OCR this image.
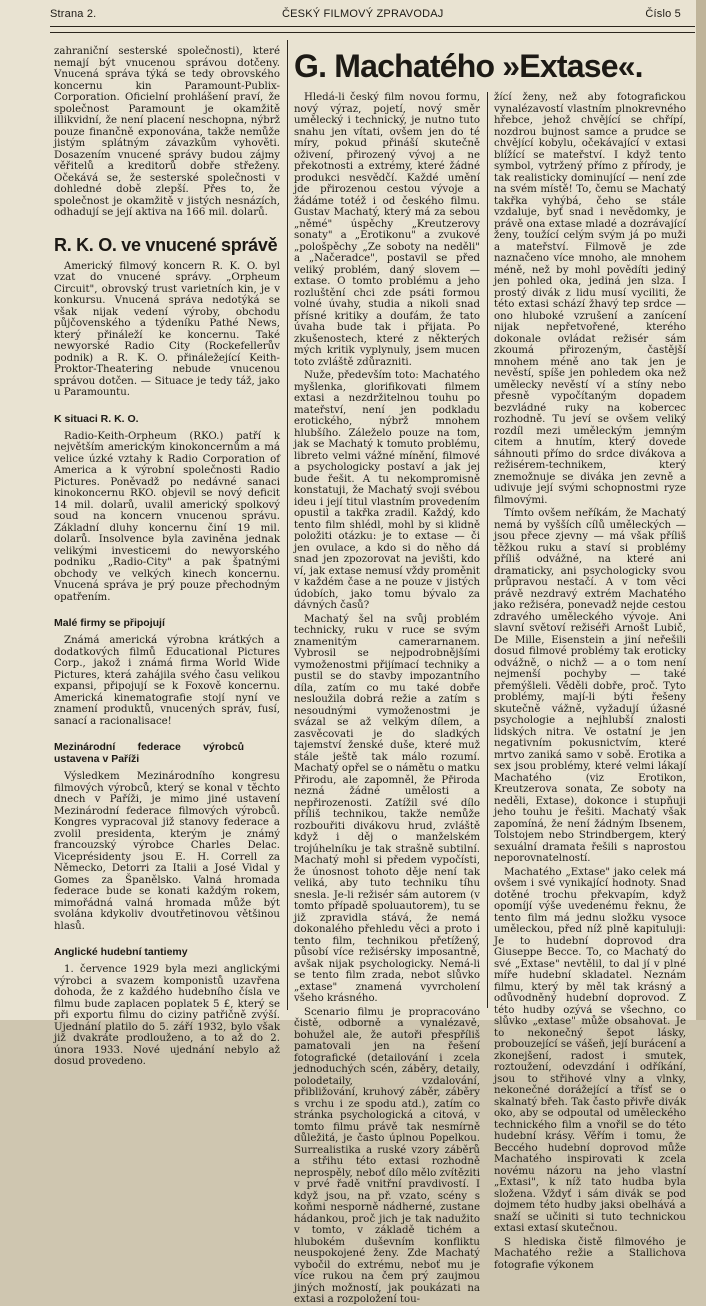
Strana 2.	ČESKÝ FILMOVÝ ZPRAVODAJ	Číslo 5

zahraniční sesterské společnosti), které nemají být vnucenou správou dotčeny. Vnucená správa týká se tedy obrovského koncernu kin Paramount-Publix-Corporation. Oficielní prohlášení praví, že společnost Paramount je okamžitě illikvidní, že není placení neschopna, nýbrž pouze finančně exponována, takže nemůže jistým splátným závazkům vyhověti. Dosazením vnucené správy budou zájmy věřitelů a kreditorů dobře střeženy. Očekává se, že sesterské společnosti v dohledné době zlepší. Přes to, že společnost je okamžitě v jistých nesnázích, odhadují se její aktiva na 166 mil. dolarů.

R. K. O. ve vnucené správě

Americký filmový koncern R. K. O. byl vzat do vnucené správy. „Orpheum Circuit", obrovský trust varietních kin, je v konkursu. Vnucená správa nedotýká se však nijak vedení výroby, obchodu půjčovenského a týdeníku Pathé News, který přináleží ke koncernu. Také newyorské Radio City (Rockefellerův podnik) a R. K. O. přináležející Keith-Proktor-Theatering nebude vnucenou správou dotčen. — Situace je tedy táž, jako u Paramountu.

K situaci R. K. O.

Radio-Keith-Orpheum (RKO.) patří k největším americkým kinokoncernům a má velice úzké vztahy k Radio Corporation of America a k výrobní společnosti Radio Pictures. Poněvadž po nedávné sanaci kinokoncernu RKO. objevil se nový deficit 14 mil. dolarů, uvalil americký spolkový soud na koncern vnucenou správu. Základní dluhy koncernu činí 19 mil. dolarů. Insolvence byla zaviněna jednak velikými investicemi do newyorského podniku „Radio-City" a pak špatnými obchody ve velkých kinech koncernu. Vnucená správa je prý pouze přechodným opatřením.

Malé firmy se připojují

Známá americká výrobna krátkých a dodatkových filmů Educational Pictures Corp., jakož i známá firma World Wide Pictures, která zahájila svého času velikou expansi, připojují se k Foxově koncernu. Americká kinematografie stojí nyní ve znamení produktů, vnucených správ, fusí, sanací a racionalisace!

Mezinárodní federace výrobců ustavena v Paříži

Výsledkem Mezinárodního kongresu filmových výrobců, který se konal v těchto dnech v Paříži, je mimo jiné ustavení Mezinárodní federace filmových výrobců. Kongres vypracoval již stanovy federace a zvolil presidenta, kterým je známý francouzský výrobce Charles Delac. Viceprésidenty jsou E. H. Correll za Německo, Detorri za Italii a José Vidal y Gomes za Španělsko. Valná hromada federace bude se konati každým rokem, mimořádná valná hromada může být svolána kdykoliv dvoutřetinovou většinou hlasů.

Anglické hudební tantiemy

1. července 1929 byla mezi anglickými výrobci a svazem komponistů uzavřena dohoda, že z každého hudebního čísla ve filmu bude zaplacen poplatek 5 £, který se při exportu filmu do ciziny patřičně zvýší. Ujednání platilo do 5. září 1932, bylo však již dvakráte prodlouženo, a to až do 2. února 1933. Nové ujednání nebylo až dosud provedeno.

G. Machatého »Extase«.

Hledá-li český film novou formu, nový výraz, pojetí, nový směr umělecký i technický, je nutno tuto snahu jen vítati, ovšem jen do té míry, pokud přináší skutečně oživení, přirozený vývoj a ne překotnosti a extrémy, které žádné produkci nesvědčí. Každé umění jde přirozenou cestou vývoje a žádáme totéž i od českého filmu. Gustav Machatý, který má za sebou „němé" úspěchy „Kreutzerovy sonaty" a „Erotikonu" a zvukové „pološpěchy „Ze soboty na neděli" a „Načeradce", postavil se před veliký problém, daný slovem — extase. O tomto problému a jeho rozluštění chci zde psáti formou volné úvahy, studia a nikoli snad přísné kritiky a doufám, že tato úvaha bude tak i přijata. Po zkušenostech, které z některých mých kritik vyplynuly, jsem mucen toto zvláště zdůrazniti.

Nuže, především toto: Machatého myšlenka, glorifikovati filmem extasi a nezdržitelnou touhu po mateřství, není jen podkladu erotického, nýbrž mnohem hlubšího. Záleželo pouze na tom, jak se Machatý k tomuto problému, libreto velmi vážné mínění, filmové a psychologicky postaví a jak jej bude řešit. A tu nekompromisně konstatuji, že Machatý svoji svébou ideu i její titul vlastním provedením opustil a takřka zradil. Každý, kdo tento film shlédl, mohl by si klidně položiti otázku: je to extase — či jen ovulace, a kdo si do něho dá snad jen zpozorovat na jevišti, kdo ví, jak extase nemusí vždy proměnit v každém čase a ne pouze v jistých údobích, jako tomu bývalo za dávných časů?

Machatý šel na svůj problém technicky, ruku v ruce se svým znamenitým camerarnanem. Vybrosil se nejpodrobnějšími vymoženostmi přijímací techniky a pustil se do stavby impozantního díla, zatím co mu také dobře nesloužila dobrá režie a zatím s nesoudnými vymoženostmi je svázal se až velkým dílem, a zasvěcovati je do sladkých tajemství ženské duše, které muž stále ještě tak málo rozumí. Machatý opřel se o námětu o matku Přirodu, ale zapomněl, že Přiroda nezná žádné umělosti a nepřirozenosti. Zatížil své dílo příliš technikou, takže nemůže rozbouřiti divákovu hrud, zvláště když i děj o manželském trojúhelníku je tak strašně subtilní. Machatý mohl si předem vypočísti, že únosnost tohoto děje není tak veliká, aby tuto techniku tíhu snesla. Je-li režisér sám autorem (v tomto případě spoluautorem), tu se již zpravidla stává, že nemá dokonalého přehledu věci a proto i tento film, technikou přetížený, působí více režisérsky imposantně, avšak nijak psychologicky. Nemá-li se tento film zrada, nebot slůvko „extase" znamená vyvrcholení všeho krásného.

Scenario filmu je propracováno čistě, odborně a vynalézavě, bohužel ale, že autoři přespříliš pamatovali jen na řešení fotografické (detailování i zcela jednoduchých scén, záběry, detaily, polodetaily, vzdalování, přibližování, kruhový záběr, záběry s vrchu i ze spodu atd.), zatím co stránka psychologická a citová, v tomto filmu právě tak nesmírně důležitá, je často úplnou Popelkou. Surrealistika a ruské vzory záběrů a střihu této extasi rozhodně neprospěly, neboť dílo mělo zvítěziti v prvé řadě vnitřní pravdivostí. I když jsou, na př. vzato, scény s koňmi nesporně nádherné, zustane hádankou, proč jich je tak nadužito v tomto, v základě tichém a hlubokém duševním konfliktu neuspokojené ženy. Zde Machatý vybočil do extrému, neboť mu je více rukou na čem prý zaujmou jiných možností, jak poukázati na extasi a rozpoložení tou-

žící ženy, než aby fotografickou vynalézavostí vlastním plnokrevného hřebce, jehož chvějící se chřípí, nozdrou bujnost samce a prudce se chvějící kobylu, očekávající v extasi blížící se mateřství. I když tento symbol, vytržený přímo z přírody, je tak realisticky dominující — není zde na svém místě! To, čemu se Machatý takřka vyhýbá, čeho se stále vzdaluje, byť snad i nevědomky, je právě ona extase mladé a dozrávající ženy, toužící celým svým já po muži a mateřství. Filmově je zde naznačeno více mnoho, ale mnohem méně, než by mohl povědíti jediný jen pohled oka, jediná jen slza. I prostý divák z lidu musí vyciliti, že této extasi schází žhavý tep srdce — ono hluboké vzrušení a zanícení nijak nepřetvořené, kterého dokonale ovládat režisér sám zkoumá přirozeným, častější mnohem méně ano tak jen je nevěstí, spíše jen pohledem oka než umělecky nevěstí ví a stíny nebo přesně vypočítaným dopadem bezvládné ruky na kobercec rozhodně. Tu jeví se ovšem veliký rozdíl mezi uměleckým jemným citem a hnutím, který dovede sáhnouti přímo do srdce divákova a režisérem-technikem, který znemožnuje se diváka jen zevně a udivuje její svými schopnostmi ryze filmovými.

Tímto ovšem neříkám, že Machatý nemá by vyšších cílů uměleckých — jsou přece zjevny — má však příliš těžkou ruku a staví si problémy příliš odvážné, na které ani dramaticky, ani psychologicky svou průpravou nestačí. A v tom věci právě nezdravý extrém Machatého jako režiséra, ponevadž nejde cestou zdravého uměleckého vývoje. Ani slavní světoví režiséři Arnošt Lubič, De Mille, Eisenstein a jiní neřešili dosud filmové problémy tak eroticky odvážně, o nichž — a o tom není nejmenší pochyby — také přemýšleli. Věděli dobře, proč. Tyto problémy, mají-li býti řešeny skutečně vážně, vyžadují úžasné psychologie a nejhlubší znalosti lidských nitra. Ve ostatní je jen negativním pokusnictvím, které mrtvo zaniká samo v sobě. Erotika a sex jsou problémy, které velmi lákají Machatého (viz Erotikon, Kreutzerova sonata, Ze soboty na neděli, Extase), dokonce i stupňuji jeho touhu je řešiti. Machatý však zapomíná, že není žádným Ibsenem, Tolstojem nebo Strindbergem, který sexuální dramata řešili s naprostou neporovnatelností.

Machatého „Extase" jako celek má ovšem i své vynikající hodnoty. Snad dotěné trochu překvapím, když opomíjí výše uvedenému řeknu, že tento film má jednu složku vysoce uměleckou, před níž plně kapituluji: Je to hudební doprovod dra Giuseppe Becce. To, co Machatý do své „Extase" nevtělil, to dal jí v plné míře hudební skladatel. Neznám filmu, který by měl tak krásný a odůvodněný hudební doprovod. Z této hudby ozývá se všechno, co slůvko „extase" může obsahovat. Je to nekonečný šepot lásky, probouzející se vášeň, její burácení a zkonejšení, radost i smutek, roztoužení, odevzdání i odříkání, jsou to střihové vlny a vlnky, nekonečné dorážející a třísť se o skalnatý břeh. Tak často přivře divák oko, aby se odpoutal od uměleckého technického film a vnořil se do této hudební krásy. Věřím i tomu, že Beccého hudební doprovod může Machatého inspirovati k zcela novému názoru na jeho vlastní „Extasi", k níž tato hudba byla složena. Vždyť i sám divák se pod dojmem této hudby jaksi obelhává a snaží se učiniti si tuto technickou extasi extasí skutečnou.

S hlediska čistě filmového je Machatého režie a Stallichova fotografie výkonem
